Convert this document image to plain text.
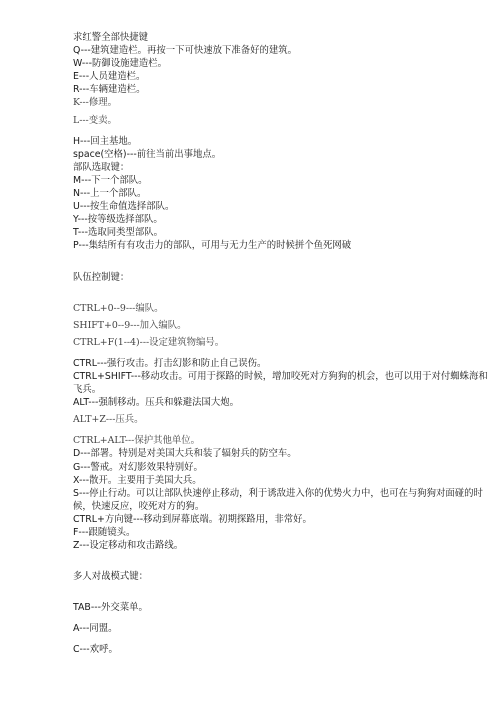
求红警全部快捷键
Q---建筑建造栏。再按一下可快速放下准备好的建筑。
W---防御设施建造栏。
E---人员建造栏。
R---车辆建造栏。
K---修理。
L---变卖。
H---回主基地。
space(空格)---前往当前出事地点。
部队选取键：
M---下一个部队。
N---上一个部队。
U---按生命值选择部队。
Y---按等级选择部队。
T---选取同类型部队。
P---集结所有有攻击力的部队，可用与无力生产的时候拼个鱼死网破
队伍控制键：
CTRL+0--9---编队。
SHIFT+0--9---加入编队。
CTRL+F(1--4)---设定建筑物编号。
CTRL---强行攻击。打击幻影和防止自己误伤。
CTRL+SHIFT---移动攻击。可用于探路的时候，增加咬死对方狗狗的机会，也可以用于对付蜘蛛海和飞兵。
ALT---强制移动。压兵和躲避法国大炮。
ALT+Z---压兵。
CTRL+ALT---保护其他单位。
D---部署。特别是对美国大兵和装了辐射兵的防空车。
G---警戒。对幻影效果特别好。
X---散开。主要用于美国大兵。
S---停止行动。可以让部队快速停止移动，利于诱敌进入你的优势火力中，也可在与狗狗对面碰的时候，快速反应，咬死对方的狗。
CTRL+方向键---移动到屏幕底端。初期探路用，非常好。
F---跟随镜头。
Z---设定移动和攻击路线。
多人对战模式键：
TAB---外交菜单。
A---同盟。
C---欢呼。
